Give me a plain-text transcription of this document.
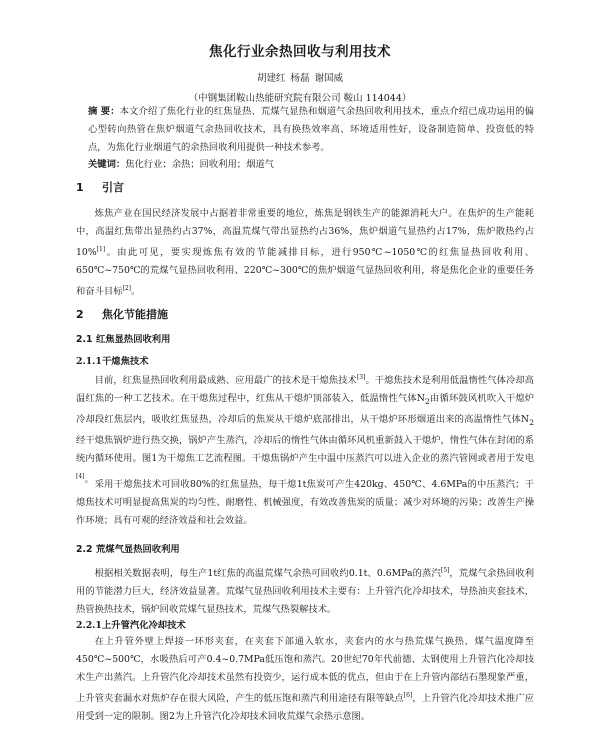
焦化行业余热回收与利用技术
胡建红 杨磊 谢国威
（中钢集团鞍山热能研究院有限公司 鞍山 114044）

摘 要：本文介绍了焦化行业的红焦显热、荒煤气显热和烟道气余热回收利用技术，重点介绍已成功运用的偏心型转向热管在焦炉烟道气余热回收技术，具有换热效率高、环境适用性好，设备制造简单、投资低的特点，为焦化行业烟道气的余热回收利用提供一种技术参考。

关键词：焦化行业；余热；回收利用；烟道气

1 引言

炼焦产业在国民经济发展中占据着非常重要的地位，炼焦是钢铁生产的能源消耗大户。在焦炉的生产能耗中，高温红焦带出显热约占37%，高温荒煤气带出显热约占36%，焦炉烟道气显热约占17%，焦炉散热约占10%[1]。由此可见，要实现炼焦有效的节能减排目标，进行950℃~1050℃的红焦显热回收利用、650℃~750℃的荒煤气显热回收利用、220℃~300℃的焦炉烟道气显热回收利用，将是焦化企业的重要任务和奋斗目标[2]。

2 焦化节能措施
2.1 红焦显热回收利用
2.1.1干熄焦技术

目前，红焦显热回收利用最成熟、应用最广的技术是干熄焦技术[3]。干熄焦技术是利用低温惰性气体冷却高温红焦的一种工艺技术。在干熄焦过程中，红焦从干熄炉顶部装入，低温惰性气体$N_2$由循环鼓风机吹入干熄炉冷却段红焦层内，吸收红焦显热，冷却后的焦炭从干熄炉底部排出，从干熄炉环形烟道出来的高温惰性气体$N_2$经干熄焦锅炉进行热交换，锅炉产生蒸汽，冷却后的惰性气体由循环风机重新鼓入干熄炉，惰性气体在封闭的系统内循环使用。图1为干熄焦工艺流程图。干熄焦锅炉产生中温中压蒸汽可以进入企业的蒸汽管网或者用于发电[4]。 采用干熄焦技术可回收80%的红焦显热，每干熄1t焦炭可产生420kg、450℃、4.6MPa的中压蒸汽；干熄焦技术可明显提高焦炭的均匀性、耐磨性、机械强度，有效改善焦炭的质量；减少对环境的污染；改善生产操作环境；具有可观的经济效益和社会效益。

2.2 荒煤气显热回收利用

根据相关数据表明，每生产1t红焦的高温荒煤气余热可回收约0.1t、0.6MPa的蒸汽[5]，荒煤气余热回收利用的节能潜力巨大，经济效益显著。荒煤气显热回收利用技术主要有：上升管汽化冷却技术，导热油夹套技术，热管换热技术，锅炉回收荒煤气显热技术，荒煤气热裂解技术。

2.2.1上升管汽化冷却技术

在上升管外壁上焊接一环形夹套，在夹套下部通入软水，夹套内的水与热荒煤气换热，煤气温度降至450℃~500℃，水吸热后可产0.4~0.7MPa低压饱和蒸汽。20世纪70年代前德、太钢使用上升管汽化冷却技术生产出蒸汽。上升管汽化冷却技术虽然有投资少，运行成本低的优点，但由于在上升管内部结石墨现象严重，上升管夹套漏水对焦炉存在很大风险，产生的低压饱和蒸汽利用途径有限等缺点[6]，上升管汽化冷却技术推广应用受到一定的限制。图2为上升管汽化冷却技术回收荒煤气余热示意图。
